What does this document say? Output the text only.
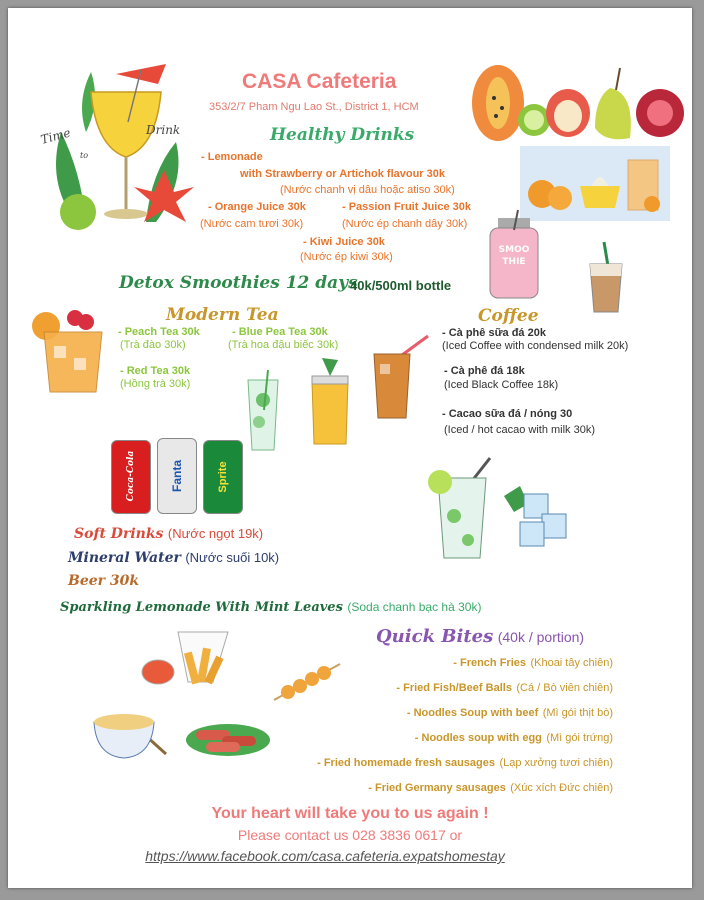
Time
to
Drink
SMOO
THIE
Coca-Cola	Fanta	Sprite
CASA Cafeteria
353/2/7 Pham Ngu Lao St., District 1, HCM
Healthy Drinks
- Lemonade
with Strawberry or Artichok flavour 30k
(Nước chanh vị dâu hoặc atiso 30k)
- Orange Juice 30k	- Passion Fruit Juice 30k
(Nước cam tươi 30k)	(Nước ép chanh dây 30k)
- Kiwi Juice 30k
(Nước ép kiwi 30k)
Detox Smoothies 12 days
40k/500ml bottle
Modern Tea
- Peach Tea 30k	- Blue Pea Tea 30k
(Trà đào 30k)	(Trà hoa đậu biếc 30k)
- Red Tea 30k
(Hồng trà 30k)
Coffee
- Cà phê sữa đá 20k
(Iced Coffee with condensed milk 20k)
- Cà phê đá 18k
(Iced Black Coffee 18k)
- Cacao sữa đá / nóng 30
(Iced / hot cacao with milk 30k)
Soft Drinks (Nước ngọt 19k)
Mineral Water (Nước suối 10k)
Beer 30k
Sparkling Lemonade With Mint Leaves (Soda chanh bạc hà 30k)
Quick Bites (40k / portion)
- French Fries (Khoai tây chiên)
- Fried Fish/Beef Balls (Cá / Bò viên chiên)
- Noodles Soup with beef (Mì gói thịt bò)
- Noodles soup with egg (Mì gói trứng)
- Fried homemade fresh sausages (Lạp xưởng tươi chiên)
- Fried Germany sausages (Xúc xích Đức chiên)
Your heart will take you to us again !
Please contact us 028 3836 0617 or
https://www.facebook.com/casa.cafeteria.expatshomestay
